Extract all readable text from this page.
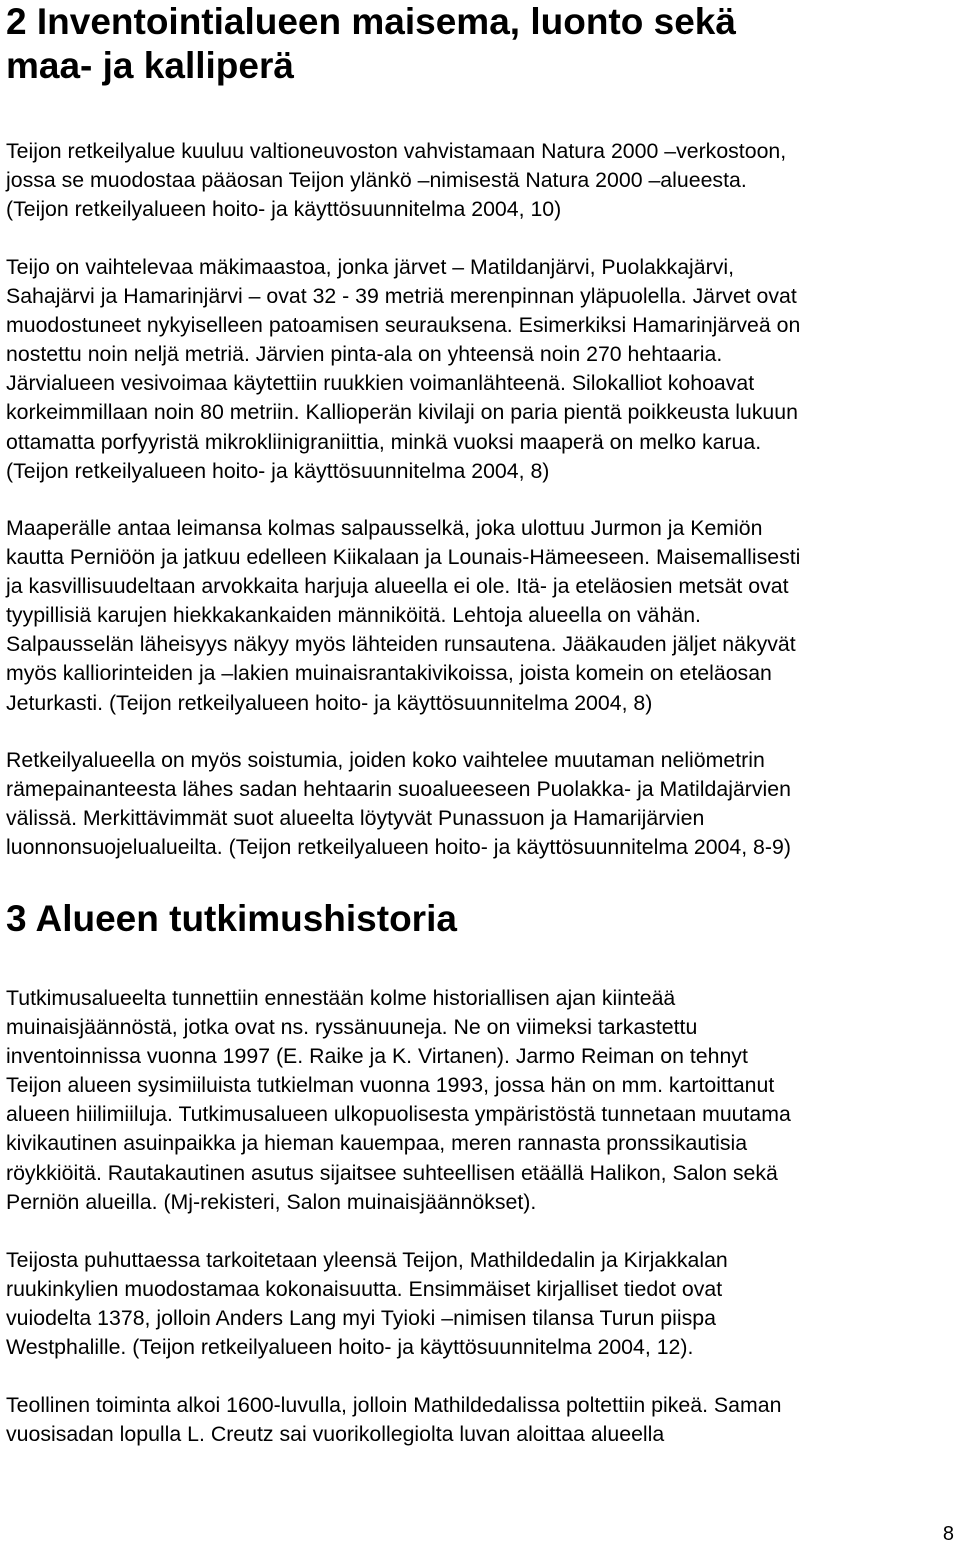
2 Inventointialueen maisema, luonto sekä
maa- ja kalliperä

Teijon retkeilyalue kuuluu valtioneuvoston vahvistamaan Natura 2000 –verkostoon,
jossa se muodostaa pääosan Teijon ylänkö –nimisestä Natura 2000 –alueesta.
(Teijon retkeilyalueen hoito- ja käyttösuunnitelma 2004, 10)

Teijo on vaihtelevaa mäkimaastoa, jonka järvet – Matildanjärvi, Puolakkajärvi,
Sahajärvi ja Hamarinjärvi – ovat 32 - 39 metriä merenpinnan yläpuolella. Järvet ovat
muodostuneet nykyiselleen patoamisen seurauksena. Esimerkiksi Hamarinjärveä on
nostettu noin neljä metriä. Järvien pinta-ala on yhteensä noin 270 hehtaaria.
Järvialueen vesivoimaa käytettiin ruukkien voimanlähteenä. Silokalliot kohoavat
korkeimmillaan noin 80 metriin. Kallioperän kivilaji on paria pientä poikkeusta lukuun
ottamatta porfyyristä mikrokliinigraniittia, minkä vuoksi maaperä on melko karua.
(Teijon retkeilyalueen hoito- ja käyttösuunnitelma 2004, 8)

Maaperälle antaa leimansa kolmas salpausselkä, joka ulottuu Jurmon ja Kemiön
kautta Perniöön ja jatkuu edelleen Kiikalaan ja Lounais-Hämeeseen. Maisemallisesti
ja kasvillisuudeltaan arvokkaita harjuja alueella ei ole. Itä- ja eteläosien metsät ovat
tyypillisiä karujen hiekkakankaiden männiköitä. Lehtoja alueella on vähän.
Salpausselän läheisyys näkyy myös lähteiden runsautena. Jääkauden jäljet näkyvät
myös kalliorinteiden ja –lakien muinaisrantakivikoissa, joista komein on eteläosan
Jeturkasti. (Teijon retkeilyalueen hoito- ja käyttösuunnitelma 2004, 8)

Retkeilyalueella on myös soistumia, joiden koko vaihtelee muutaman neliömetrin
rämepainanteesta lähes sadan hehtaarin suoalueeseen Puolakka- ja Matildajärvien
välissä. Merkittävimmät suot alueelta löytyvät Punassuon ja Hamarijärvien
luonnonsuojelualueilta. (Teijon retkeilyalueen hoito- ja käyttösuunnitelma 2004, 8-9)

3 Alueen tutkimushistoria

Tutkimusalueelta tunnettiin ennestään kolme historiallisen ajan kiinteää
muinaisjäännöstä, jotka ovat ns. ryssänuuneja. Ne on viimeksi tarkastettu
inventoinnissa vuonna 1997 (E. Raike ja K. Virtanen). Jarmo Reiman on tehnyt
Teijon alueen sysimiiluista tutkielman vuonna 1993, jossa hän on mm. kartoittanut
alueen hiilimiiluja. Tutkimusalueen ulkopuolisesta ympäristöstä tunnetaan muutama
kivikautinen asuinpaikka ja hieman kauempaa, meren rannasta pronssikautisia
röykkiöitä. Rautakautinen asutus sijaitsee suhteellisen etäällä Halikon, Salon sekä
Perniön alueilla. (Mj-rekisteri, Salon muinaisjäännökset).

Teijosta puhuttaessa tarkoitetaan yleensä Teijon, Mathildedalin ja Kirjakkalan
ruukinkylien muodostamaa kokonaisuutta. Ensimmäiset kirjalliset tiedot ovat
vuiodelta 1378, jolloin Anders Lang myi Tyioki –nimisen tilansa Turun piispa
Westphalille. (Teijon retkeilyalueen hoito- ja käyttösuunnitelma 2004, 12).

Teollinen toiminta alkoi 1600-luvulla, jolloin Mathildedalissa poltettiin pikeä. Saman
vuosisadan lopulla L. Creutz sai vuorikollegiolta luvan aloittaa alueella

8
